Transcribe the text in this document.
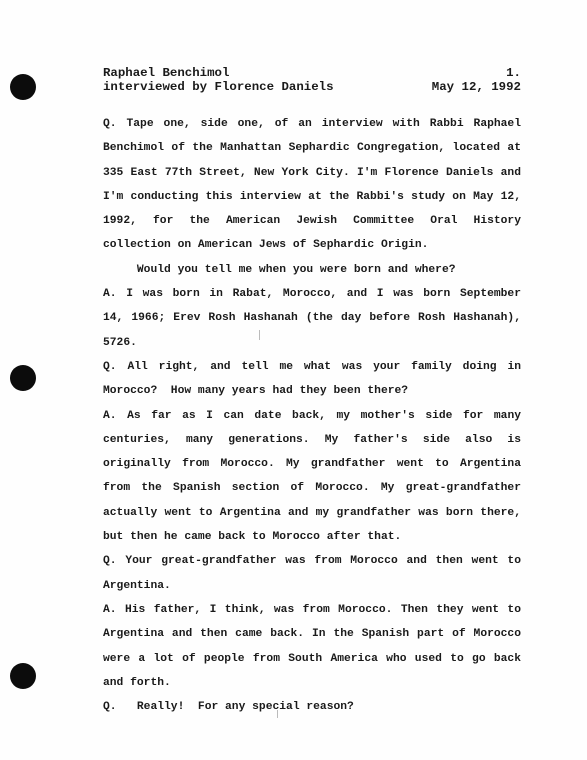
Raphael Benchimol	1.
interviewed by Florence Daniels	May 12, 1992
Q. Tape one, side one, of an interview with Rabbi Raphael
Benchimol of the Manhattan Sephardic Congregation, located at
335 East 77th Street, New York City. I'm Florence Daniels and
I'm conducting this interview at the Rabbi's study on May 12,
1992, for the American Jewish Committee Oral History
collection on American Jews of Sephardic Origin.
Would you tell me when you were born and where?
A. I was born in Rabat, Morocco, and I was born September
14, 1966; Erev Rosh Hashanah (the day before Rosh Hashanah),
5726.
Q. All right, and tell me what was your family doing in
Morocco?  How many years had they been there?
A. As far as I can date back, my mother's side for many
centuries, many generations. My father's side also is
originally from Morocco. My grandfather went to Argentina
from the Spanish section of Morocco. My great-grandfather
actually went to Argentina and my grandfather was born there,
but then he came back to Morocco after that.
Q. Your great-grandfather was from Morocco and then went to
Argentina.
A. His father, I think, was from Morocco. Then they went to
Argentina and then came back. In the Spanish part of Morocco
were a lot of people from South America who used to go back
and forth.
Q.   Really!  For any special reason?
